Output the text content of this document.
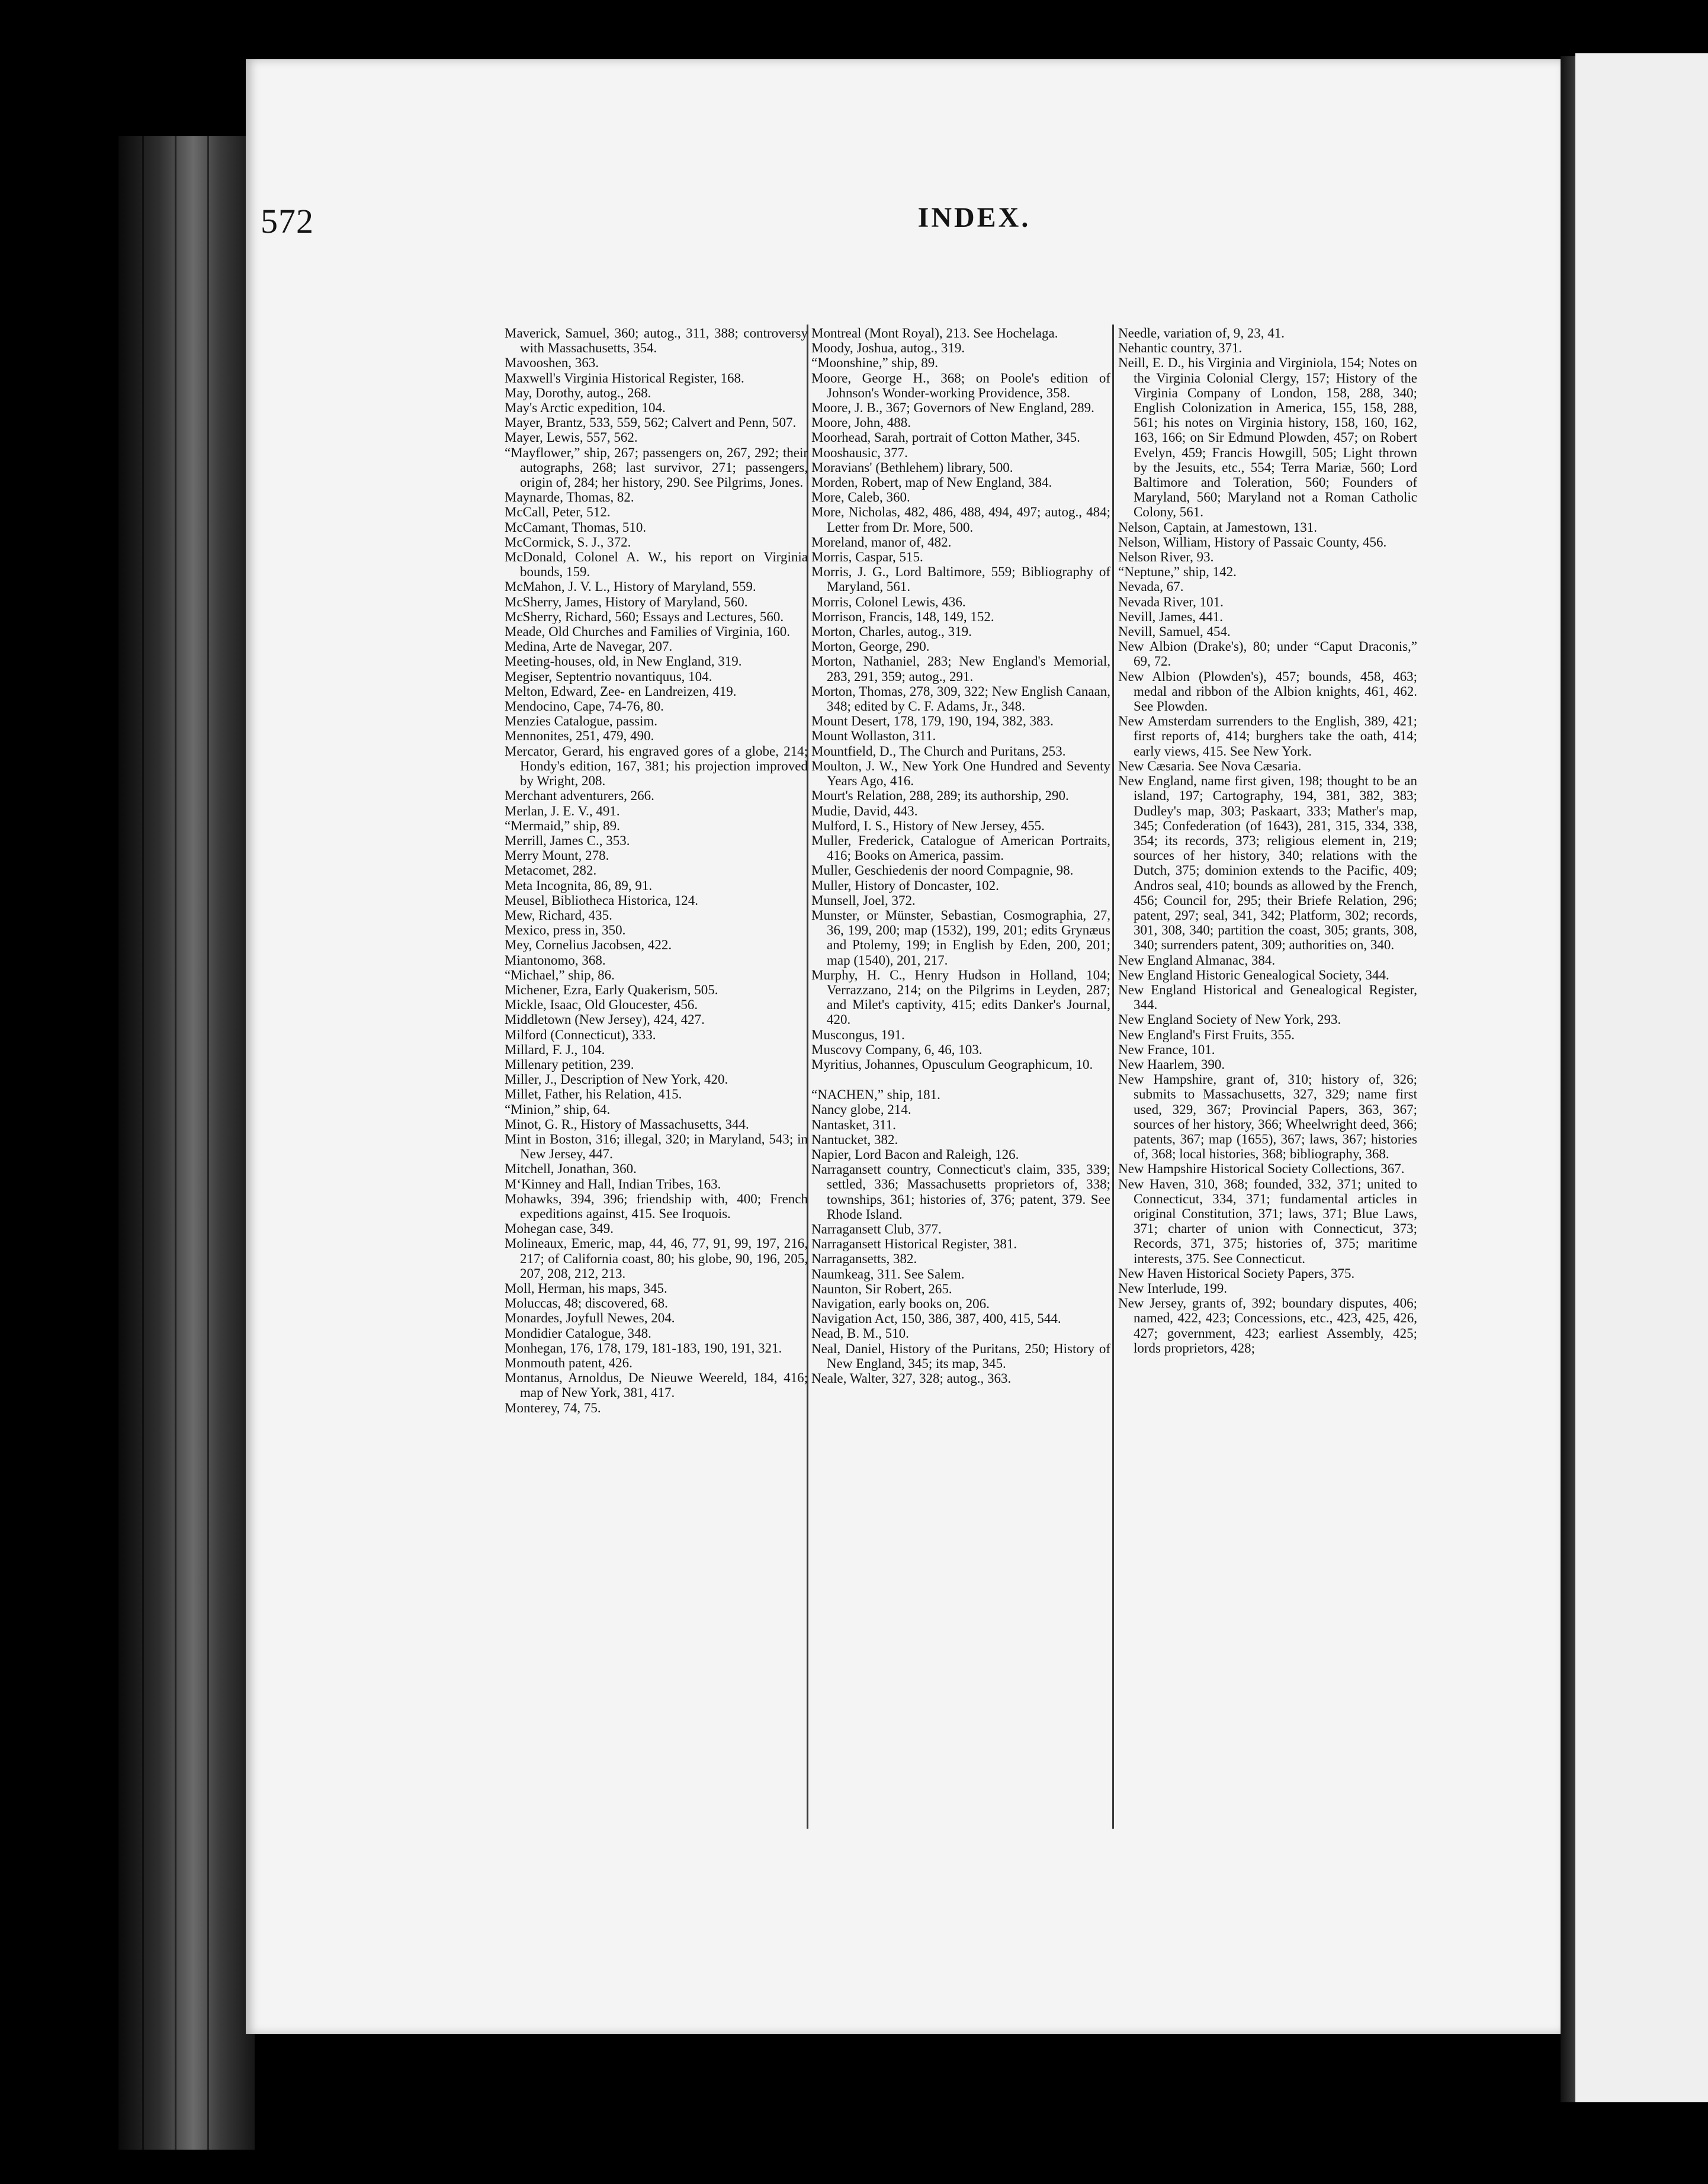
572	INDEX.

Maverick, Samuel, 360; autog., 311, 388; controversy with Massachusetts, 354.

Mavooshen, 363.

Maxwell's Virginia Historical Register, 168.

May, Dorothy, autog., 268.

May's Arctic expedition, 104.

Mayer, Brantz, 533, 559, 562; Calvert and Penn, 507.

Mayer, Lewis, 557, 562.

“Mayflower,” ship, 267; passengers on, 267, 292; their autographs, 268; last survivor, 271; passengers, origin of, 284; her history, 290. See Pilgrims, Jones.

Maynarde, Thomas, 82.

McCall, Peter, 512.

McCamant, Thomas, 510.

McCormick, S. J., 372.

McDonald, Colonel A. W., his report on Virginia bounds, 159.

McMahon, J. V. L., History of Maryland, 559.

McSherry, James, History of Maryland, 560.

McSherry, Richard, 560; Essays and Lectures, 560.

Meade, Old Churches and Families of Virginia, 160.

Medina, Arte de Navegar, 207.

Meeting-houses, old, in New England, 319.

Megiser, Septentrio novantiquus, 104.

Melton, Edward, Zee- en Landreizen, 419.

Mendocino, Cape, 74-76, 80.

Menzies Catalogue, passim.

Mennonites, 251, 479, 490.

Mercator, Gerard, his engraved gores of a globe, 214; Hondy's edition, 167, 381; his projection improved by Wright, 208.

Merchant adventurers, 266.

Merlan, J. E. V., 491.

“Mermaid,” ship, 89.

Merrill, James C., 353.

Merry Mount, 278.

Metacomet, 282.

Meta Incognita, 86, 89, 91.

Meusel, Bibliotheca Historica, 124.

Mew, Richard, 435.

Mexico, press in, 350.

Mey, Cornelius Jacobsen, 422.

Miantonomo, 368.

“Michael,” ship, 86.

Michener, Ezra, Early Quakerism, 505.

Mickle, Isaac, Old Gloucester, 456.

Middletown (New Jersey), 424, 427.

Milford (Connecticut), 333.

Millard, F. J., 104.

Millenary petition, 239.

Miller, J., Description of New York, 420.

Millet, Father, his Relation, 415.

“Minion,” ship, 64.

Minot, G. R., History of Massachusetts, 344.

Mint in Boston, 316; illegal, 320; in Maryland, 543; in New Jersey, 447.

Mitchell, Jonathan, 360.

M‘Kinney and Hall, Indian Tribes, 163.

Mohawks, 394, 396; friendship with, 400; French expeditions against, 415. See Iroquois.

Mohegan case, 349.

Molineaux, Emeric, map, 44, 46, 77, 91, 99, 197, 216, 217; of California coast, 80; his globe, 90, 196, 205, 207, 208, 212, 213.

Moll, Herman, his maps, 345.

Moluccas, 48; discovered, 68.

Monardes, Joyfull Newes, 204.

Mondidier Catalogue, 348.

Monhegan, 176, 178, 179, 181-183, 190, 191, 321.

Monmouth patent, 426.

Montanus, Arnoldus, De Nieuwe Weereld, 184, 416; map of New York, 381, 417.

Monterey, 74, 75.

Montreal (Mont Royal), 213. See Hochelaga.

Moody, Joshua, autog., 319.

“Moonshine,” ship, 89.

Moore, George H., 368; on Poole's edition of Johnson's Wonder-working Providence, 358.

Moore, J. B., 367; Governors of New England, 289.

Moore, John, 488.

Moorhead, Sarah, portrait of Cotton Mather, 345.

Mooshausic, 377.

Moravians' (Bethlehem) library, 500.

Morden, Robert, map of New England, 384.

More, Caleb, 360.

More, Nicholas, 482, 486, 488, 494, 497; autog., 484; Letter from Dr. More, 500.

Moreland, manor of, 482.

Morris, Caspar, 515.

Morris, J. G., Lord Baltimore, 559; Bibliography of Maryland, 561.

Morris, Colonel Lewis, 436.

Morrison, Francis, 148, 149, 152.

Morton, Charles, autog., 319.

Morton, George, 290.

Morton, Nathaniel, 283; New England's Memorial, 283, 291, 359; autog., 291.

Morton, Thomas, 278, 309, 322; New English Canaan, 348; edited by C. F. Adams, Jr., 348.

Mount Desert, 178, 179, 190, 194, 382, 383.

Mount Wollaston, 311.

Mountfield, D., The Church and Puritans, 253.

Moulton, J. W., New York One Hundred and Seventy Years Ago, 416.

Mourt's Relation, 288, 289; its authorship, 290.

Mudie, David, 443.

Mulford, I. S., History of New Jersey, 455.

Muller, Frederick, Catalogue of American Portraits, 416; Books on America, passim.

Muller, Geschiedenis der noord Compagnie, 98.

Muller, History of Doncaster, 102.

Munsell, Joel, 372.

Munster, or Münster, Sebastian, Cosmographia, 27, 36, 199, 200; map (1532), 199, 201; edits Grynæus and Ptolemy, 199; in English by Eden, 200, 201; map (1540), 201, 217.

Murphy, H. C., Henry Hudson in Holland, 104; Verrazzano, 214; on the Pilgrims in Leyden, 287; and Milet's captivity, 415; edits Danker's Journal, 420.

Muscongus, 191.

Muscovy Company, 6, 46, 103.

Myritius, Johannes, Opusculum Geographicum, 10.

“NACHEN,” ship, 181.

Nancy globe, 214.

Nantasket, 311.

Nantucket, 382.

Napier, Lord Bacon and Raleigh, 126.

Narragansett country, Connecticut's claim, 335, 339; settled, 336; Massachusetts proprietors of, 338; townships, 361; histories of, 376; patent, 379. See Rhode Island.

Narragansett Club, 377.

Narragansett Historical Register, 381.

Narragansetts, 382.

Naumkeag, 311. See Salem.

Naunton, Sir Robert, 265.

Navigation, early books on, 206.

Navigation Act, 150, 386, 387, 400, 415, 544.

Nead, B. M., 510.

Neal, Daniel, History of the Puritans, 250; History of New England, 345; its map, 345.

Neale, Walter, 327, 328; autog., 363.

Needle, variation of, 9, 23, 41.

Nehantic country, 371.

Neill, E. D., his Virginia and Virginiola, 154; Notes on the Virginia Colonial Clergy, 157; History of the Virginia Company of London, 158, 288, 340; English Colonization in America, 155, 158, 288, 561; his notes on Virginia history, 158, 160, 162, 163, 166; on Sir Edmund Plowden, 457; on Robert Evelyn, 459; Francis Howgill, 505; Light thrown by the Jesuits, etc., 554; Terra Mariæ, 560; Lord Baltimore and Toleration, 560; Founders of Maryland, 560; Maryland not a Roman Catholic Colony, 561.

Nelson, Captain, at Jamestown, 131.

Nelson, William, History of Passaic County, 456.

Nelson River, 93.

“Neptune,” ship, 142.

Nevada, 67.

Nevada River, 101.

Nevill, James, 441.

Nevill, Samuel, 454.

New Albion (Drake's), 80; under “Caput Draconis,” 69, 72.

New Albion (Plowden's), 457; bounds, 458, 463; medal and ribbon of the Albion knights, 461, 462. See Plowden.

New Amsterdam surrenders to the English, 389, 421; first reports of, 414; burghers take the oath, 414; early views, 415. See New York.

New Cæsaria. See Nova Cæsaria.

New England, name first given, 198; thought to be an island, 197; Cartography, 194, 381, 382, 383; Dudley's map, 303; Paskaart, 333; Mather's map, 345; Confederation (of 1643), 281, 315, 334, 338, 354; its records, 373; religious element in, 219; sources of her history, 340; relations with the Dutch, 375; dominion extends to the Pacific, 409; Andros seal, 410; bounds as allowed by the French, 456; Council for, 295; their Briefe Relation, 296; patent, 297; seal, 341, 342; Platform, 302; records, 301, 308, 340; partition the coast, 305; grants, 308, 340; surrenders patent, 309; authorities on, 340.

New England Almanac, 384.

New England Historic Genealogical Society, 344.

New England Historical and Genealogical Register, 344.

New England Society of New York, 293.

New England's First Fruits, 355.

New France, 101.

New Haarlem, 390.

New Hampshire, grant of, 310; history of, 326; submits to Massachusetts, 327, 329; name first used, 329, 367; Provincial Papers, 363, 367; sources of her history, 366; Wheelwright deed, 366; patents, 367; map (1655), 367; laws, 367; histories of, 368; local histories, 368; bibliography, 368.

New Hampshire Historical Society Collections, 367.

New Haven, 310, 368; founded, 332, 371; united to Connecticut, 334, 371; fundamental articles in original Constitution, 371; laws, 371; Blue Laws, 371; charter of union with Connecticut, 373; Records, 371, 375; histories of, 375; maritime interests, 375. See Connecticut.

New Haven Historical Society Papers, 375.

New Interlude, 199.

New Jersey, grants of, 392; boundary disputes, 406; named, 422, 423; Concessions, etc., 423, 425, 426, 427; government, 423; earliest Assembly, 425; lords proprietors, 428;
